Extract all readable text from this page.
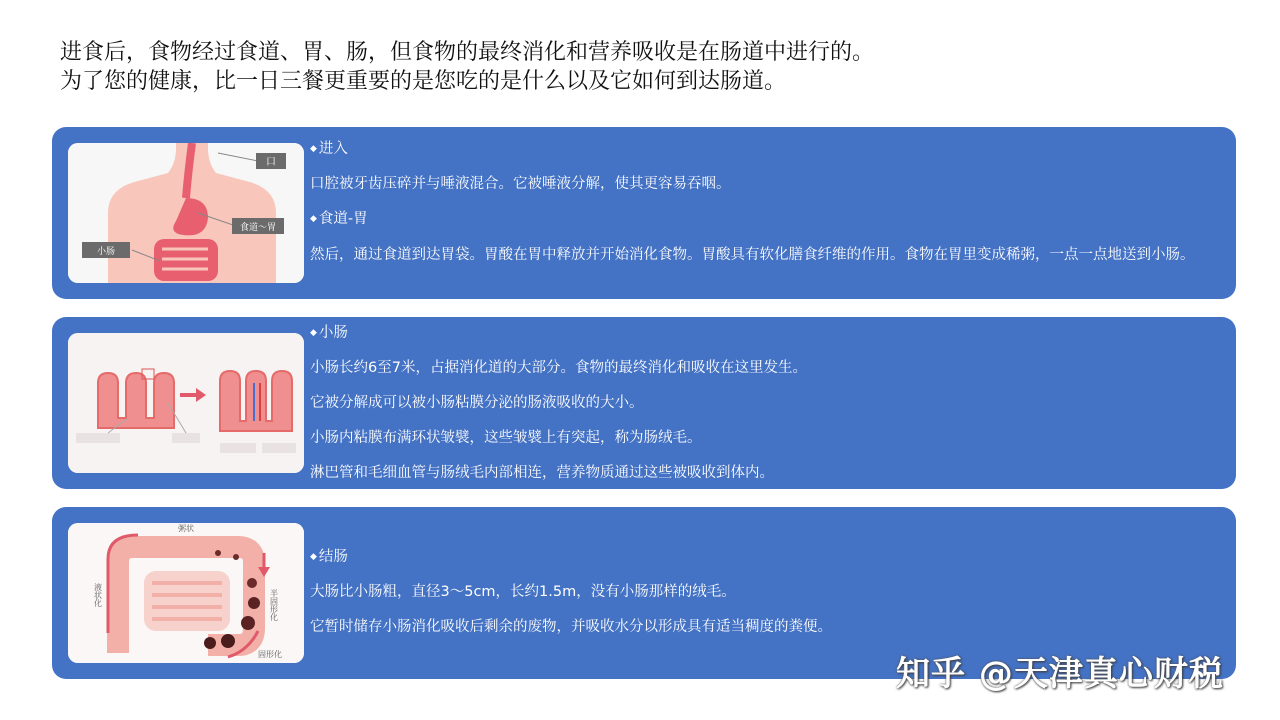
进食后，食物经过食道、胃、肠，但食物的最终消化和营养吸收是在肠道中进行的。
为了您的健康，比一日三餐更重要的是您吃的是什么以及它如何到达肠道。
口
食道～胃
小肠

◆ 进入

口腔被牙齿压碎并与唾液混合。它被唾液分解，使其更容易吞咽。

◆ 食道-胃

然后，通过食道到达胃袋。胃酸在胃中释放并开始消化食物。胃酸具有软化膳食纤维的作用。食物在胃里变成稀粥，一点一点地送到小肠。

◆ 小肠

小肠长约6至7米，占据消化道的大部分。食物的最终消化和吸收在这里发生。

它被分解成可以被小肠粘膜分泌的肠液吸收的大小。

小肠内粘膜布满环状皱襞，这些皱襞上有突起，称为肠绒毛。

淋巴管和毛细血管与肠绒毛内部相连，营养物质通过这些被吸收到体内。

粥状
液状化	半固形化
固形化

◆ 结肠

大肠比小肠粗，直径3～5cm，长约1.5m，没有小肠那样的绒毛。

它暂时储存小肠消化吸收后剩余的废物，并吸收水分以形成具有适当稠度的粪便。

知乎 @天津真心财税
